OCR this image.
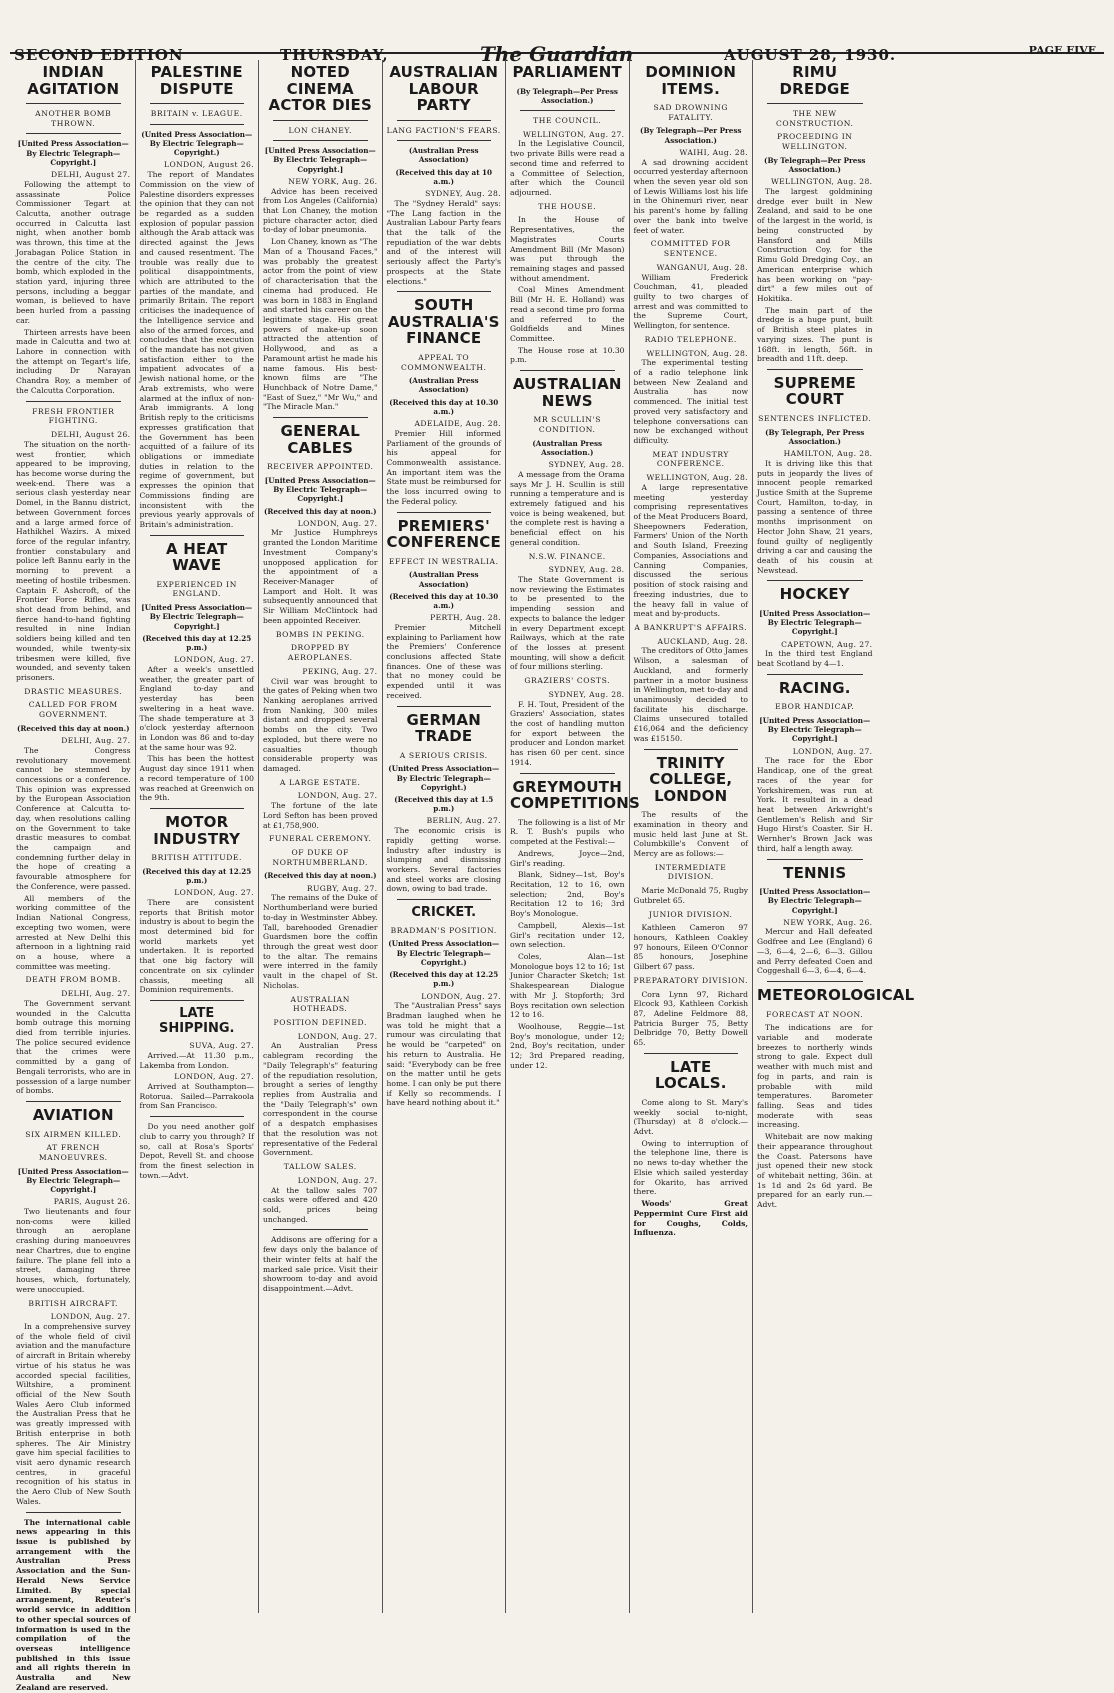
SECOND EDITION	THURSDAY,	The Guardian	AUGUST 28, 1930.	PAGE FIVE.
INDIAN AGITATION
ANOTHER BOMB THROWN.
[United Press Association—By Electric Telegraph—Copyright.]
DELHI, August 27.

Following the attempt to assassinate Police Commissioner Tegart at Calcutta, another outrage occurred in Calcutta last night, when another bomb was thrown, this time at the Jorabagan Police Station in the centre of the city. The bomb, which exploded in the station yard, injuring three persons, including a beggar woman, is believed to have been hurled from a passing car.

Thirteen arrests have been made in Calcutta and two at Lahore in connection with the attempt on Tegart's life, including Dr Narayan Chandra Roy, a member of the Calcutta Corporation.

FRESH FRONTIER FIGHTING.
DELHI, August 26.

The situation on the north-west frontier, which appeared to be improving, has become worse during the week-end. There was a serious clash yesterday near Domel, in the Bannu district, between Government forces and a large armed force of Hathikhel Wazirs. A mixed force of the regular infantry, frontier constabulary and police left Bannu early in the morning to prevent a meeting of hostile tribesmen. Captain F. Ashcroft, of the Frontier Force Rifles, was shot dead from behind, and fierce hand-to-hand fighting resulted in nine Indian soldiers being killed and ten wounded, while twenty-six tribesmen were killed, five wounded, and seventy taken prisoners.

DRASTIC MEASURES.
CALLED FOR FROM GOVERNMENT.
(Received this day at noon.)
DELHI, Aug. 27.

The Congress revolutionary movement cannot be stemmed by concessions or a conference. This opinion was expressed by the European Association Conference at Calcutta to-day, when resolutions calling on the Government to take drastic measures to combat the campaign and condemning further delay in the hope of creating a favourable atmosphere for the Conference, were passed.

All members of the working committee of the Indian National Congress, excepting two women, were arrested at New Delhi this afternoon in a lightning raid on a house, where a committee was meeting.

DEATH FROM BOMB.
DELHI, Aug. 27.

The Government servant wounded in the Calcutta bomb outrage this morning died from terrible injuries. The police secured evidence that the crimes were committed by a gang of Bengali terrorists, who are in possession of a large number of bombs.

AVIATION
SIX AIRMEN KILLED.
AT FRENCH MANOEUVRES.
[United Press Association—By Electric Telegraph—Copyright.]
PARIS, August 26.

Two lieutenants and four non-coms were killed through an aeroplane crashing during manoeuvres near Chartres, due to engine failure. The plane fell into a street, damaging three houses, which, fortunately, were unoccupied.

BRITISH AIRCRAFT.
LONDON, Aug. 27.

In a comprehensive survey of the whole field of civil aviation and the manufacture of aircraft in Britain whereby virtue of his status he was accorded special facilities, Wiltshire, a prominent official of the New South Wales Aero Club informed the Australian Press that he was greatly impressed with British enterprise in both spheres. The Air Ministry gave him special facilities to visit aero dynamic research centres, in graceful recognition of his status in the Aero Club of New South Wales.

The international cable news appearing in this issue is published by arrangement with the Australian Press Association and the Sun-Herald News Service Limited. By special arrangement, Reuter's world service in addition to other special sources of information is used in the compilation of the overseas intelligence published in this issue and all rights therein in Australia and New Zealand are reserved.

PALESTINE DISPUTE
BRITAIN v. LEAGUE.
(United Press Association—By Electric Telegraph—Copyright.)
LONDON, August 26.

The report of Mandates Commission on the view of Palestine disorders expresses the opinion that they can not be regarded as a sudden explosion of popular passion although the Arab attack was directed against the Jews and caused resentment. The trouble was really due to political disappointments, which are attributed to the parties of the mandate, and primarily Britain. The report criticises the inadequence of the Intelligence service and also of the armed forces, and concludes that the execution of the mandate has not given satisfaction either to the impatient advocates of a Jewish national home, or the Arab extremists, who were alarmed at the influx of non-Arab immigrants. A long British reply to the criticisms expresses gratification that the Government has been acquitted of a failure of its obligations or immediate duties in relation to the regime of government, but expresses the opinion that Commissions finding are inconsistent with the previous yearly approvals of Britain's administration.

A HEAT WAVE
EXPERIENCED IN ENGLAND.
[United Press Association—By Electric Telegraph—Copyright.]
(Received this day at 12.25 p.m.)
LONDON, Aug. 27.

After a week's unsettled weather, the greater part of England to-day and yesterday has been sweltering in a heat wave. The shade temperature at 3 o'clock yesterday afternoon in London was 86 and to-day at the same hour was 92.

This has been the hottest August day since 1911 when a record temperature of 100 was reached at Greenwich on the 9th.

MOTOR INDUSTRY
BRITISH ATTITUDE.
(Received this day at 12.25 p.m.)
LONDON, Aug. 27.

There are consistent reports that British motor industry is about to begin the most determined bid for world markets yet undertaken. It is reported that one big factory will concentrate on six cylinder chassis, meeting all Dominion requirements.

LATE SHIPPING.
SUVA, Aug. 27.

Arrived.—At 11.30 p.m., Lakemba from London.

LONDON, Aug. 27.

Arrived at Southampton—Rotorua. Sailed—Parrakoola from San Francisco.

Do you need another golf club to carry you through? If so, call at Rosa's Sports' Depot, Revell St. and choose from the finest selection in town.—Advt.

NOTED CINEMA ACTOR DIES
LON CHANEY.
[United Press Association—By Electric Telegraph—Copyright.]
NEW YORK, Aug. 26.

Advice has been received from Los Angeles (California) that Lon Chaney, the motion picture character actor, died to-day of lobar pneumonia.

Lon Chaney, known as "The Man of a Thousand Faces," was probably the greatest actor from the point of view of characterisation that the cinema had produced. He was born in 1883 in England and started his career on the legitimate stage. His great powers of make-up soon attracted the attention of Hollywood, and as a Paramount artist he made his name famous. His best-known films are "The Hunchback of Notre Dame," "East of Suez," "Mr Wu," and "The Miracle Man."

GENERAL CABLES
RECEIVER APPOINTED.
[United Press Association—By Electric Telegraph—Copyright.]
(Received this day at noon.)
LONDON, Aug. 27.

Mr Justice Humphreys granted the London Maritime Investment Company's unopposed application for the appointment of a Receiver-Manager of Lamport and Holt. It was subsequently announced that Sir William McClintock had been appointed Receiver.

BOMBS IN PEKING.
DROPPED BY AEROPLANES.
PEKING, Aug. 27.

Civil war was brought to the gates of Peking when two Nanking aeroplanes arrived from Nanking, 300 miles distant and dropped several bombs on the city. Two exploded, but there were no casualties though considerable property was damaged.

A LARGE ESTATE.
LONDON, Aug. 27.

The fortune of the late Lord Sefton has been proved at £1,758,900.

FUNERAL CEREMONY.
OF DUKE OF NORTHUMBERLAND.
(Received this day at noon.)
RUGBY, Aug. 27.

The remains of the Duke of Northumberland were buried to-day in Westminster Abbey. Tall, barehooded Grenadier Guardsmen bore the coffin through the great west door to the altar. The remains were interred in the family vault in the chapel of St. Nicholas.

AUSTRALIAN HOTHEADS.
POSITION DEFINED.
LONDON, Aug. 27.

An Australian Press cablegram recording the "Daily Telegraph's" featuring of the repudiation resolution, brought a series of lengthy replies from Australia and the "Daily Telegraph's" own correspondent in the course of a despatch emphasises that the resolution was not representative of the Federal Government.

TALLOW SALES.
LONDON, Aug. 27.

At the tallow sales 707 casks were offered and 420 sold, prices being unchanged.

Addisons are offering for a few days only the balance of their winter felts at half the marked sale price. Visit their showroom to-day and avoid disappointment.—Advt.

AUSTRALIAN LABOUR PARTY
LANG FACTION'S FEARS.
(Australian Press Association)
(Received this day at 10 a.m.)
SYDNEY, Aug. 28.

The "Sydney Herald" says: "The Lang faction in the Australian Labour Party fears that the talk of the repudiation of the war debts and of the interest will seriously affect the Party's prospects at the State elections."

SOUTH AUSTRALIA'S FINANCE
APPEAL TO COMMONWEALTH.
(Australian Press Association)
(Received this day at 10.30 a.m.)
ADELAIDE, Aug. 28.

Premier Hill informed Parliament of the grounds of his appeal for Commonwealth assistance. An important item was the State must be reimbursed for the loss incurred owing to the Federal policy.

PREMIERS' CONFERENCE
EFFECT IN WESTRALIA.
(Australian Press Association)
(Received this day at 10.30 a.m.)
PERTH, Aug. 28.

Premier Mitchell explaining to Parliament how the Premiers' Conference conclusions affected State finances. One of these was that no money could be expended until it was received.

GERMAN TRADE
A SERIOUS CRISIS.
(United Press Association—By Electric Telegraph—Copyright.)
(Received this day at 1.5 p.m.)
BERLIN, Aug. 27.

The economic crisis is rapidly getting worse. Industry after industry is slumping and dismissing workers. Several factories and steel works are closing down, owing to bad trade.

CRICKET.
BRADMAN'S POSITION.
(United Press Association—By Electric Telegraph—Copyright.)
(Received this day at 12.25 p.m.)
LONDON, Aug. 27.

The "Australian Press" says Bradman laughed when he was told he might that a rumour was circulating that he would be "carpeted" on his return to Australia. He said: "Everybody can be free on the matter until he gets home. I can only be put there if Kelly so recommends. I have heard nothing about it."

PARLIAMENT
(By Telegraph—Per Press Association.)
THE COUNCIL.
WELLINGTON, Aug. 27.

In the Legislative Council, two private Bills were read a second time and referred to a Committee of Selection, after which the Council adjourned.

THE HOUSE.

In the House of Representatives, the Magistrates Courts Amendment Bill (Mr Mason) was put through the remaining stages and passed without amendment.

Coal Mines Amendment Bill (Mr H. E. Holland) was read a second time pro forma and referred to the Goldfields and Mines Committee.

The House rose at 10.30 p.m.

AUSTRALIAN NEWS
MR SCULLIN'S CONDITION.
(Australian Press Association.)
SYDNEY, Aug. 28.

A message from the Orama says Mr J. H. Scullin is still running a temperature and is extremely fatigued and his voice is being weakened, but the complete rest is having a beneficial effect on his general condition.

N.S.W. FINANCE.
SYDNEY, Aug. 28.

The State Government is now reviewing the Estimates to be presented to the impending session and expects to balance the ledger in every Department except Railways, which at the rate of the losses at present mounting, will show a deficit of four millions sterling.

GRAZIERS' COSTS.
SYDNEY, Aug. 28.

F. H. Tout, President of the Graziers' Association, states the cost of handling mutton for export between the producer and London market has risen 60 per cent. since 1914.

GREYMOUTH COMPETITIONS

The following is a list of Mr R. T. Bush's pupils who competed at the Festival:—

Andrews, Joyce—2nd, Girl's reading.

Blank, Sidney—1st, Boy's Recitation, 12 to 16, own selection; 2nd, Boy's Recitation 12 to 16; 3rd Boy's Monologue.

Campbell, Alexis—1st Girl's recitation under 12, own selection.

Coles, Alan—1st Monologue boys 12 to 16; 1st Junior Character Sketch; 1st Shakespearean Dialogue with Mr J. Stopforth; 3rd Boys recitation own selection 12 to 16.

Woolhouse, Reggie—1st Boy's monologue, under 12; 2nd, Boy's recitation, under 12; 3rd Prepared reading, under 12.

DOMINION ITEMS.
SAD DROWNING FATALITY.
(By Telegraph—Per Press Association.)
WAIHI, Aug. 28.

A sad drowning accident occurred yesterday afternoon when the seven year old son of Lewis Williams lost his life in the Ohinemuri river, near his parent's home by falling over the bank into twelve feet of water.

COMMITTED FOR SENTENCE.
WANGANUI, Aug. 28.

William Frederick Couchman, 41, pleaded guilty to two charges of arrest and was committed to the Supreme Court, Wellington, for sentence.

RADIO TELEPHONE.
WELLINGTON, Aug. 28.

The experimental testing of a radio telephone link between New Zealand and Australia has now commenced. The initial test proved very satisfactory and telephone conversations can now be exchanged without difficulty.

MEAT INDUSTRY CONFERENCE.
WELLINGTON, Aug. 28.

A large representative meeting yesterday comprising representatives of the Meat Producers Board, Sheepowners Federation, Farmers' Union of the North and South Island, Freezing Companies, Associations and Canning Companies, discussed the serious position of stock raising and freezing industries, due to the heavy fall in value of meat and by-products.

A BANKRUPT'S AFFAIRS.
AUCKLAND, Aug. 28.

The creditors of Otto James Wilson, a salesman of Auckland, and formerly partner in a motor business in Wellington, met to-day and unanimously decided to facilitate his discharge. Claims unsecured totalled £16,064 and the deficiency was £15150.

TRINITY COLLEGE, LONDON

The results of the examination in theory and music held last June at St. Columbkille's Convent of Mercy are as follows:—

INTERMEDIATE DIVISION.

Marie McDonald 75, Rugby Gutbrelet 65.

JUNIOR DIVISION.

Kathleen Cameron 97 honours, Kathleen Coakley 97 honours, Eileen O'Connor 85 honours, Josephine Gilbert 67 pass.

PREPARATORY DIVISION.

Cora Lynn 97, Richard Elcock 93, Kathleen Corkish 87, Adeline Feldmore 88, Patricia Burger 75, Betty Delbridge 70, Betty Dowell 65.

LATE LOCALS.

Come along to St. Mary's weekly social to-night, (Thursday) at 8 o'clock.—Advt.

Owing to interruption of the telephone line, there is no news to-day whether the Elsie which sailed yesterday for Okarito, has arrived there.

Woods' Great Peppermint Cure First aid for Coughs, Colds, Influenza.

RIMU DREDGE
THE NEW CONSTRUCTION.
PROCEEDING IN WELLINGTON.
(By Telegraph—Per Press Association.)
WELLINGTON, Aug. 28.

The largest goldmining dredge ever built in New Zealand, and said to be one of the largest in the world, is being constructed by Hansford and Mills Construction Coy. for the Rimu Gold Dredging Coy., an American enterprise which has been working on "pay-dirt" a few miles out of Hokitika.

The main part of the dredge is a huge punt, built of British steel plates in varying sizes. The punt is 168ft. in length, 56ft. in breadth and 11ft. deep.

SUPREME COURT
SENTENCES INFLICTED.
(By Telegraph, Per Press Association.)
HAMILTON, Aug. 28.

It is driving like this that puts in jeopardy the lives of innocent people remarked Justice Smith at the Supreme Court, Hamilton, to-day, in passing a sentence of three months imprisonment on Hector John Shaw, 21 years, found guilty of negligently driving a car and causing the death of his cousin at Newstead.

HOCKEY
[United Press Association—By Electric Telegraph—Copyright.]
CAPETOWN, Aug. 27.

In the third test England beat Scotland by 4—1.

RACING.
EBOR HANDICAP.
[United Press Association—By Electric Telegraph—Copyright.]
LONDON, Aug. 27.

The race for the Ebor Handicap, one of the great races of the year for Yorkshiremen, was run at York. It resulted in a dead heat between Arkwright's Gentlemen's Relish and Sir Hugo Hirst's Coaster. Sir H. Wernher's Brown Jack was third, half a length away.

TENNIS
[United Press Association—By Electric Telegraph—Copyright.]
NEW YORK, Aug. 26.

Mercur and Hall defeated Godfree and Lee (England) 6—3, 6—4, 2—6, 6—3. Gillou and Perry defeated Coen and Coggeshall 6—3, 6—4, 6—4.

METEOROLOGICAL
FORECAST AT NOON.

The indications are for variable and moderate breezes to northerly winds strong to gale. Expect dull weather with much mist and fog in parts, and rain is probable with mild temperatures. Barometer falling. Seas and tides moderate with seas increasing.

Whitebait are now making their appearance throughout the Coast. Patersons have just opened their new stock of whitebait netting, 36in. at 1s 1d and 2s 6d yard. Be prepared for an early run.—Advt.
